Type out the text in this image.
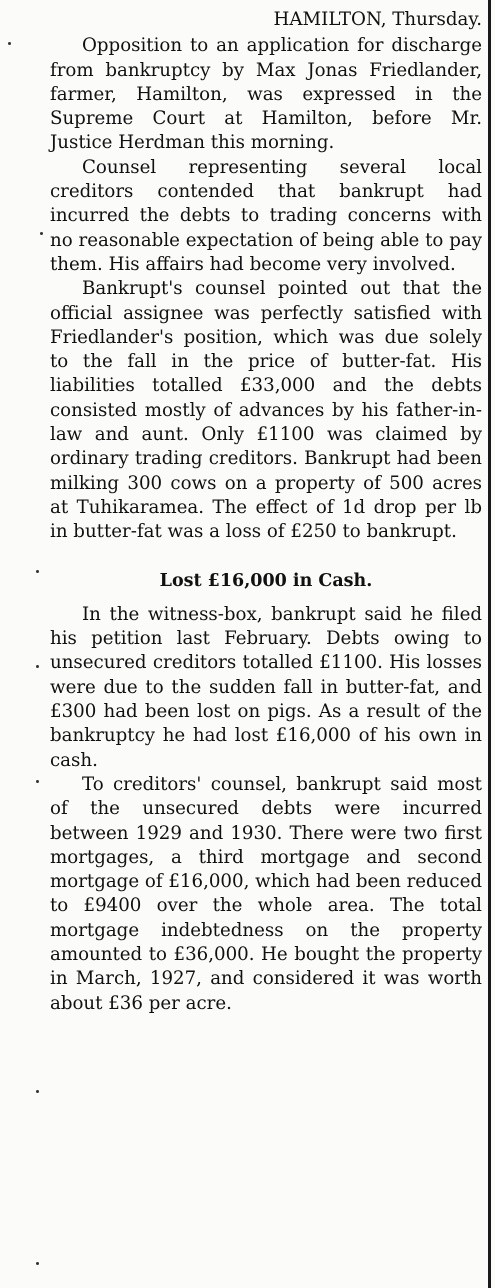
HAMILTON, Thursday.

Opposition to an application for discharge from bankruptcy by Max Jonas Friedlander, farmer, Hamilton, was expressed in the Supreme Court at Hamilton, before Mr. Justice Herdman this morning.

Counsel representing several local creditors contended that bankrupt had incurred the debts to trading concerns with no reasonable expectation of being able to pay them. His affairs had become very involved.

Bankrupt's counsel pointed out that the official assignee was perfectly satisfied with Friedlander's position, which was due solely to the fall in the price of butter-fat. His liabilities totalled £33,000 and the debts consisted mostly of advances by his father-in-law and aunt. Only £1100 was claimed by ordinary trading creditors. Bankrupt had been milking 300 cows on a property of 500 acres at Tuhikaramea. The effect of 1d drop per lb in butter-fat was a loss of £250 to bankrupt.

Lost £16,000 in Cash.

In the witness-box, bankrupt said he filed his petition last February. Debts owing to unsecured creditors totalled £1100. His losses were due to the sudden fall in butter-fat, and £300 had been lost on pigs. As a result of the bankruptcy he had lost £16,000 of his own in cash.

To creditors' counsel, bankrupt said most of the unsecured debts were incurred between 1929 and 1930. There were two first mortgages, a third mortgage and second mortgage of £16,000, which had been reduced to £9400 over the whole area. The total mortgage indebtedness on the property amounted to £36,000. He bought the property in March, 1927, and considered it was worth about £36 per acre.
